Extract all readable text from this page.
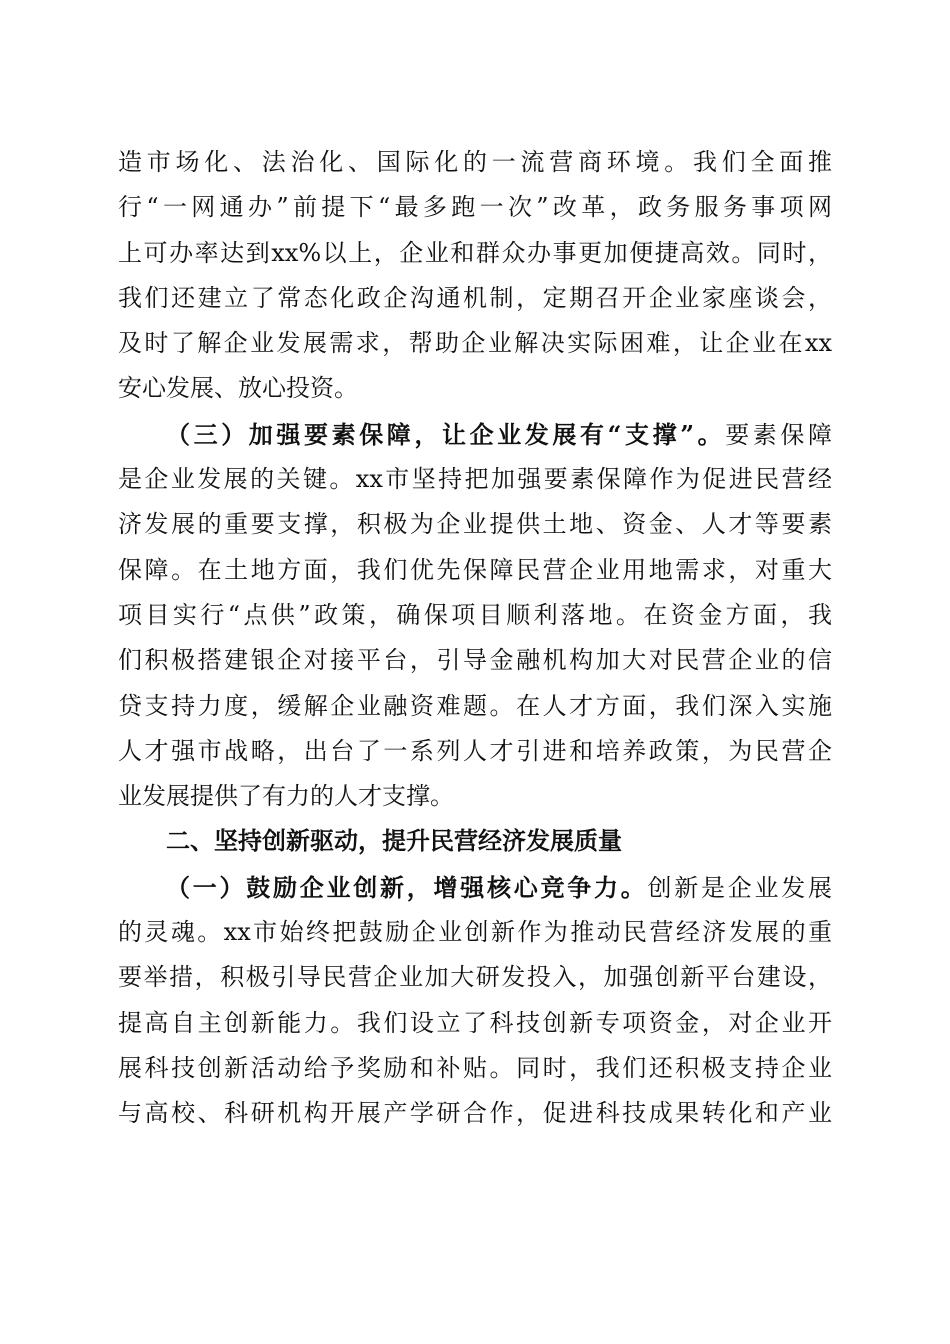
造市场化、法治化、国际化的一流营商环境。我们全面推
行“一网通办”前提下“最多跑一次”改革，政务服务事项网
上可办率达到xx%以上，企业和群众办事更加便捷高效。同时，
我们还建立了常态化政企沟通机制，定期召开企业家座谈会，
及时了解企业发展需求，帮助企业解决实际困难，让企业在xx
安心发展、放心投资。
（三）加强要素保障，让企业发展有“支撑”。要素保障
是企业发展的关键。xx市坚持把加强要素保障作为促进民营经
济发展的重要支撑，积极为企业提供土地、资金、人才等要素
保障。在土地方面，我们优先保障民营企业用地需求，对重大
项目实行“点供”政策，确保项目顺利落地。在资金方面，我
们积极搭建银企对接平台，引导金融机构加大对民营企业的信
贷支持力度，缓解企业融资难题。在人才方面，我们深入实施
人才强市战略，出台了一系列人才引进和培养政策，为民营企
业发展提供了有力的人才支撑。
二、坚持创新驱动，提升民营经济发展质量
（一）鼓励企业创新，增强核心竞争力。创新是企业发展
的灵魂。xx市始终把鼓励企业创新作为推动民营经济发展的重
要举措，积极引导民营企业加大研发投入，加强创新平台建设，
提高自主创新能力。我们设立了科技创新专项资金，对企业开
展科技创新活动给予奖励和补贴。同时，我们还积极支持企业
与高校、科研机构开展产学研合作，促进科技成果转化和产业
